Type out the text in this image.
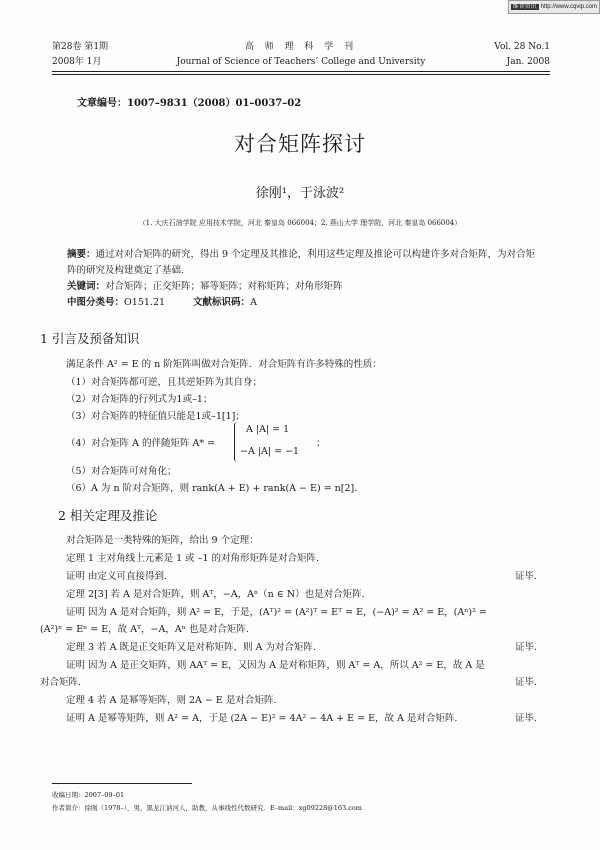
维普资讯 http://www.cqvip.com
第28卷 第1期
2008年 1月
高 师 理 科 学 刊
Journal of Science of Teachers’ College and University
Vol. 28 No.1
Jan. 2008
文章编号：1007–9831（2008）01–0037–02
对合矩阵探讨
徐刚¹，于泳波²
（1. 大庆石油学院 应用技术学院，河北 秦皇岛 066004；2. 燕山大学 理学院，河北 秦皇岛 066004）
摘要：通过对对合矩阵的研究，得出 9 个定理及其推论，利用这些定理及推论可以构建许多对合矩阵，为对合矩阵的研究及构建奠定了基础.
关键词：对合矩阵；正交矩阵；幂等矩阵；对称矩阵；对角形矩阵
中图分类号：O151.21	文献标识码：A
1 引言及预备知识
满足条件 A² = E 的 n 阶矩阵叫做对合矩阵．对合矩阵有许多特殊的性质：
（1）对合矩阵都可逆，且其逆矩阵为其自身；
（2）对合矩阵的行列式为1或–1；
（3）对合矩阵的特征值只能是1或–1[1]；
（4）对合矩阵 A 的伴随矩阵 A* =
A |A| = 1
−A |A| = −1
；
（5）对合矩阵可对角化；
（6）A 为 n 阶对合矩阵，则 rank(A + E) + rank(A − E) = n[2].
2 相关定理及推论
对合矩阵是一类特殊的矩阵，给出 9 个定理：
定理 1 主对角线上元素是 1 或 –1 的对角形矩阵是对合矩阵.
证明 由定义可直接得到.	证毕.
定理 2[3] 若 A 是对合矩阵，则 Aᵀ，−A，Aⁿ（n ∈ N）也是对合矩阵.
证明 因为 A 是对合矩阵，则 A² = E，于是，(Aᵀ)² = (A²)ᵀ = Eᵀ = E，(−A)² = A² = E，(Aⁿ)² =
(A²)ⁿ = Eⁿ = E，故 Aᵀ，−A，Aⁿ 也是对合矩阵.
定理 3 若 A 既是正交矩阵又是对称矩阵，则 A 为对合矩阵.	证毕.
证明 因为 A 是正交矩阵，则 AAᵀ = E，又因为 A 是对称矩阵，则 Aᵀ = A，所以 A² = E，故 A 是
对合矩阵.	证毕.
定理 4 若 A 是幂等矩阵，则 2A − E 是对合矩阵.
证明 A 是幂等矩阵，则 A² = A，于是 (2A − E)² = 4A² − 4A + E = E，故 A 是对合矩阵.	证毕.
收稿日期：2007–09–01
作者简介：徐刚（1978–），男，黑龙江讷河人，助教，从事线性代数研究．E–mail：xg09228@163.com
